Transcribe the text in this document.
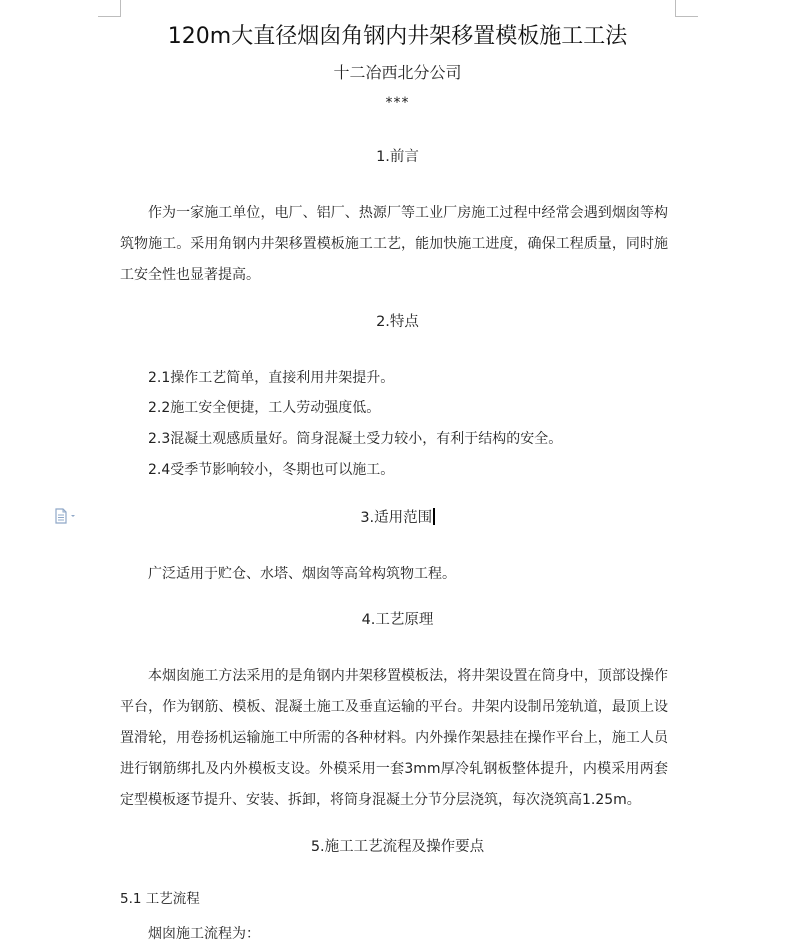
120m大直径烟囱角钢内井架移置模板施工工法
十二冶西北分公司
***
1.前言

作为一家施工单位，电厂、铝厂、热源厂等工业厂房施工过程中经常会遇到烟囱等构筑物施工。采用角钢内井架移置模板施工工艺，能加快施工进度，确保工程质量，同时施工安全性也显著提高。

2.特点
2.1操作工艺简单，直接利用井架提升。
2.2施工安全便捷，工人劳动强度低。
2.3混凝土观感质量好。筒身混凝土受力较小，有利于结构的安全。
2.4受季节影响较小，冬期也可以施工。
3.适用范围
广泛适用于贮仓、水塔、烟囱等高耸构筑物工程。
4.工艺原理

本烟囱施工方法采用的是角钢内井架移置模板法，将井架设置在筒身中，顶部设操作平台，作为钢筋、模板、混凝土施工及垂直运输的平台。井架内设制吊笼轨道，最顶上设置滑轮，用卷扬机运输施工中所需的各种材料。内外操作架悬挂在操作平台上，施工人员进行钢筋绑扎及内外模板支设。外模采用一套3mm厚冷轧钢板整体提升，内模采用两套定型模板逐节提升、安装、拆卸，将筒身混凝土分节分层浇筑，每次浇筑高1.25m。

5.施工工艺流程及操作要点
5.1 工艺流程
烟囱施工流程为：
